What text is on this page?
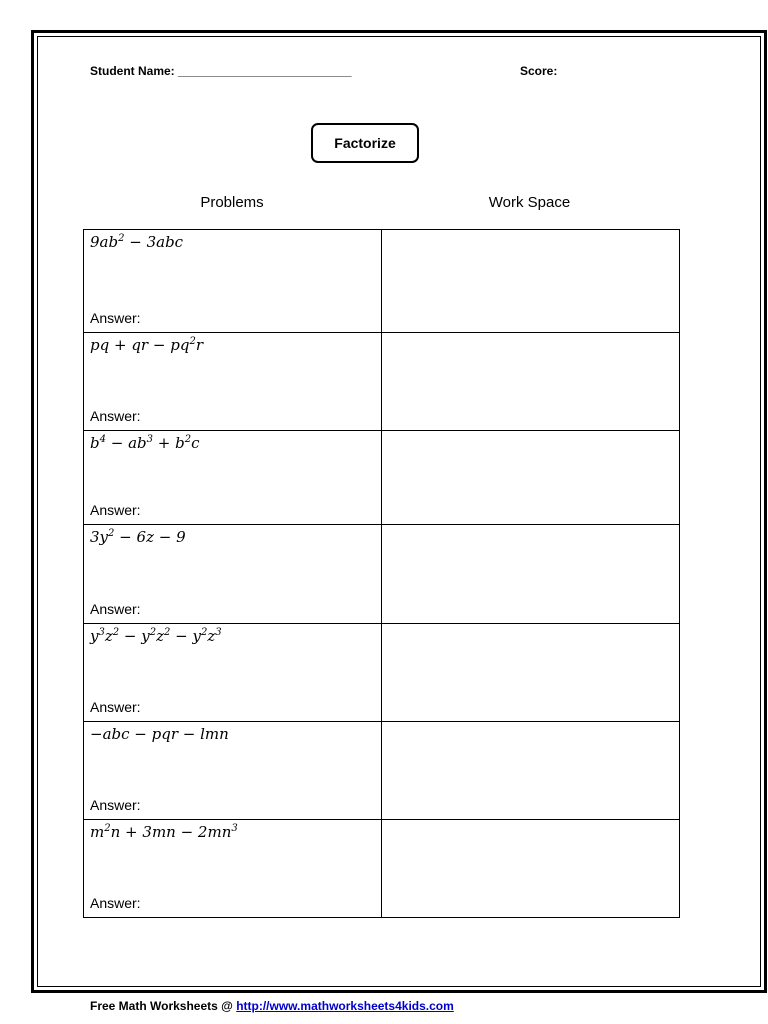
Student Name: __________________________	Score:
Factorize
Problems	Work Space
$9ab^2 - 3abc$
Answer:	

pq + qr − $pq^2r$
Answer:	

$b^4 - ab^3 + b^2c$
Answer:	

$3y^2 - 6z - 9$
Answer:	

$y^3z^2 - y^2z^2 - y^2z^3$
Answer:	

−abc − pqr − lmn
Answer:	

$m^2n + 3mn - 2mn^3$
Answer:	

Free Math Worksheets @ http://www.mathworksheets4kids.com
